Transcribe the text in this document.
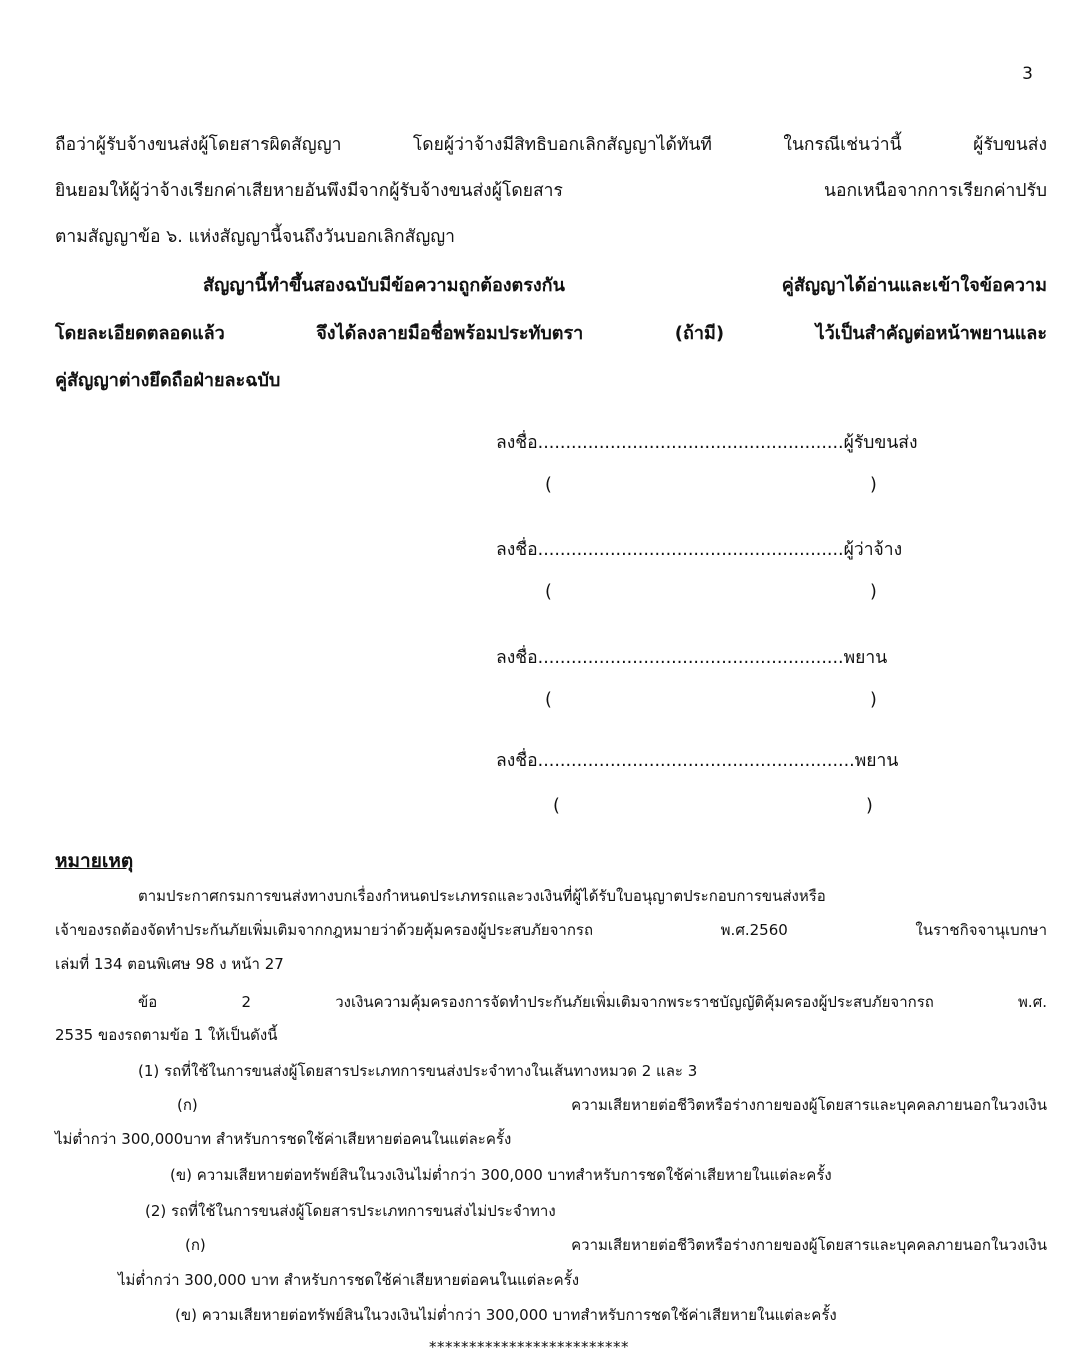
3
ถือว่าผู้รับจ้างขนส่งผู้โดยสารผิดสัญญา โดยผู้ว่าจ้างมีสิทธิบอกเลิกสัญญาได้ทันที ในกรณีเช่นว่านี้ ผู้รับขนส่ง
ยินยอมให้ผู้ว่าจ้างเรียกค่าเสียหายอันพึงมีจากผู้รับจ้างขนส่งผู้โดยสาร นอกเหนือจากการเรียกค่าปรับ
ตามสัญญาข้อ ๖. แห่งสัญญานี้จนถึงวันบอกเลิกสัญญา
สัญญานี้ทำขึ้นสองฉบับมีข้อความถูกต้องตรงกัน คู่สัญญาได้อ่านและเข้าใจข้อความ
โดยละเอียดตลอดแล้ว จึงได้ลงลายมือชื่อพร้อมประทับตรา (ถ้ามี) ไว้เป็นสำคัญต่อหน้าพยานและ
คู่สัญญาต่างยึดถือฝ่ายละฉบับ
ลงชื่อ.......................................................ผู้รับขนส่ง
(	)
ลงชื่อ.......................................................ผู้ว่าจ้าง
(	)
ลงชื่อ.......................................................พยาน
(	)
ลงชื่อ.........................................................พยาน
(	)
หมายเหตุ
ตามประกาศกรมการขนส่งทางบกเรื่องกำหนดประเภทรถและวงเงินที่ผู้ได้รับใบอนุญาตประกอบการขนส่งหรือ
เจ้าของรถต้องจัดทำประกันภัยเพิ่มเติมจากกฎหมายว่าด้วยคุ้มครองผู้ประสบภัยจากรถ พ.ศ.2560 ในราชกิจจานุเบกษา
เล่มที่ 134 ตอนพิเศษ 98 ง หน้า 27
ข้อ 2 วงเงินความคุ้มครองการจัดทำประกันภัยเพิ่มเติมจากพระราชบัญญัติคุ้มครองผู้ประสบภัยจากรถ พ.ศ.
2535 ของรถตามข้อ 1 ให้เป็นดังนี้
(1) รถที่ใช้ในการขนส่งผู้โดยสารประเภทการขนส่งประจำทางในเส้นทางหมวด 2 และ 3
(ก) ความเสียหายต่อชีวิตหรือร่างกายของผู้โดยสารและบุคคลภายนอกในวงเงิน
ไม่ต่ำกว่า 300,000บาท สำหรับการชดใช้ค่าเสียหายต่อคนในแต่ละครั้ง
(ข) ความเสียหายต่อทรัพย์สินในวงเงินไม่ต่ำกว่า 300,000 บาทสำหรับการชดใช้ค่าเสียหายในแต่ละครั้ง
(2) รถที่ใช้ในการขนส่งผู้โดยสารประเภทการขนส่งไม่ประจำทาง
(ก) ความเสียหายต่อชีวิตหรือร่างกายของผู้โดยสารและบุคคลภายนอกในวงเงิน
ไม่ต่ำกว่า 300,000 บาท สำหรับการชดใช้ค่าเสียหายต่อคนในแต่ละครั้ง
(ข) ความเสียหายต่อทรัพย์สินในวงเงินไม่ต่ำกว่า 300,000 บาทสำหรับการชดใช้ค่าเสียหายในแต่ละครั้ง
*************************
